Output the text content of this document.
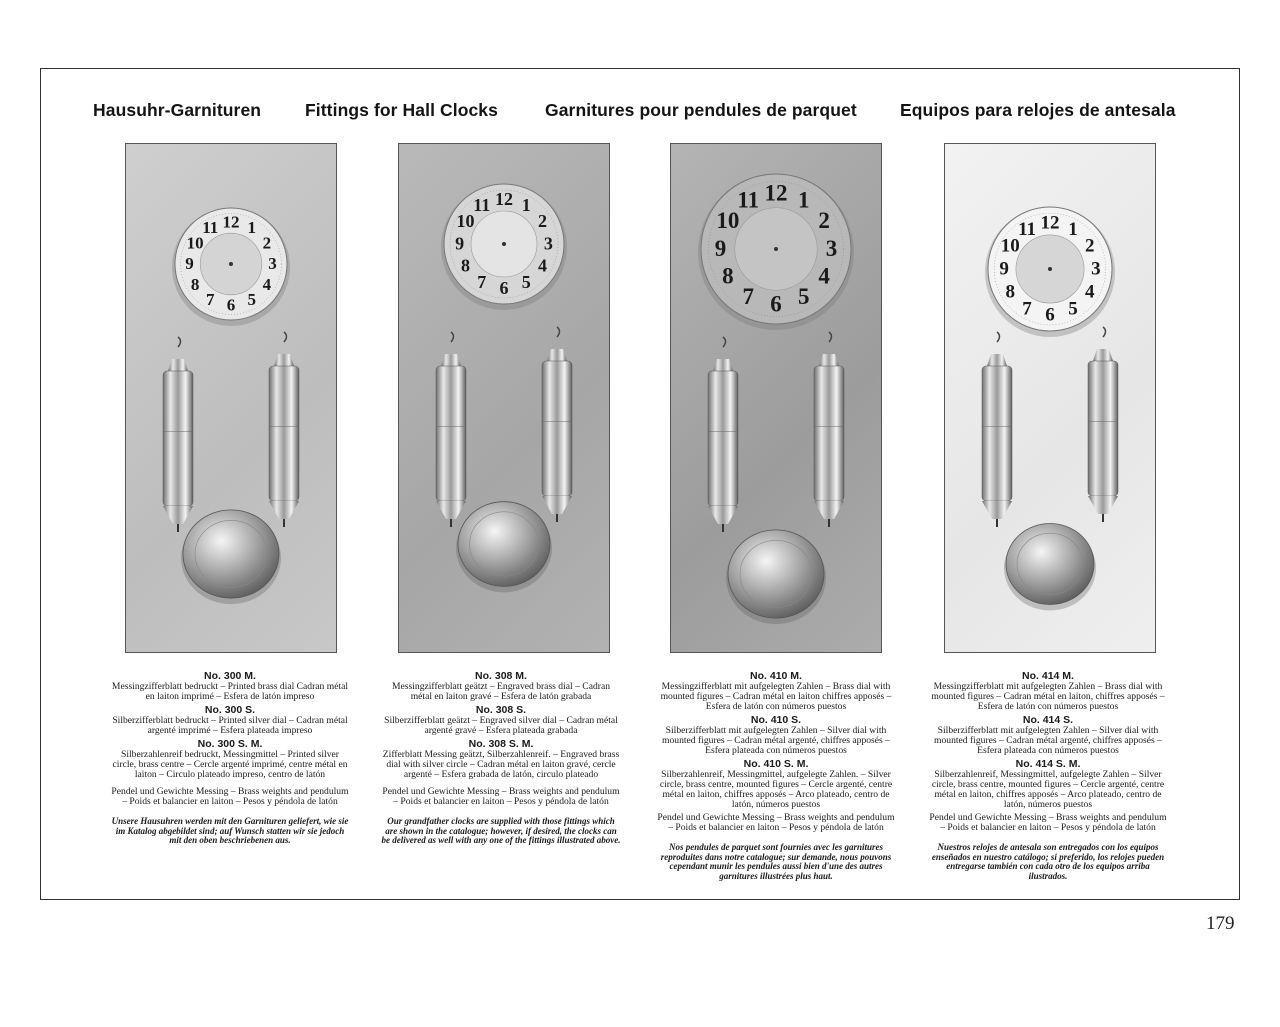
Hausuhr-Garnituren	Fittings for Hall Clocks	Garnitures pour pendules de parquet Equipos para relojes de antesala
12 1
2
3
4
5
6
7
8
9
10
11
12 1
2
3
4
5
6
7
8
9
10
11	12 1
2
3
4
5
6
7
8
9
10
11
12 1
2
3
4
5
6
7
8
9
10
11
No. 300 M.

Messingzifferblatt bedruckt – Printed brass dial Cadran métal en laiton imprimé – Esfera de latón impreso

No. 300 S.

Silberzifferblatt bedruckt – Printed silver dial – Cadran métal argenté imprimé – Esfera plateada impreso

No. 300 S. M.

Silberzahlenreif bedruckt, Messingmittel – Printed silver circle, brass centre – Cercle argenté imprimé, centre métal en laiton – Circulo plateado impreso, centro de latón

Pendel und Gewichte Messing – Brass weights and pendulum – Poids et balancier en laiton – Pesos y péndola de latón

Unsere Hausuhren werden mit den Garnituren geliefert, wie sie im Katalog abgebildet sind; auf Wunsch statten wir sie jedoch mit den oben beschriebenen aus.

No. 308 M.

Messingzifferblatt geätzt – Engraved brass dial – Cadran métal en laiton gravé – Esfera de latón grabada

No. 308 S.

Silberzifferblatt geätzt – Engraved silver dial – Cadran métal argenté gravé – Esfera plateada grabada

No. 308 S. M.

Zifferblatt Messing geätzt, Silberzahlenreif. – Engraved brass dial with silver circle – Cadran métal en laiton gravé, cercle argenté – Esfera grabada de latón, circulo plateado

Pendel und Gewichte Messing – Brass weights and pendulum – Poids et balancier en laiton – Pesos y péndola de latón

Our grandfather clocks are supplied with those fittings which are shown in the catalogue; however, if desired, the clocks can be delivered as well with any one of the fittings illustrated above.

No. 410 M.

Messingzifferblatt mit aufgelegten Zahlen – Brass dial with mounted figures – Cadran métal en laiton chiffres apposés – Esfera de latón con números puestos

No. 410 S.

Silberzifferblatt mit aufgelegten Zahlen – Silver dial with mounted figures – Cadran métal argenté, chiffres apposés – Esfera plateada con números puestos

No. 410 S. M.

Silberzahlenreif, Messingmittel, aufgelegte Zahlen. – Silver circle, brass centre, mounted figures – Cercle argenté, centre métal en laiton, chiffres apposés – Arco plateado, centro de latón, números puestos

Pendel und Gewichte Messing – Brass weights and pendulum – Poids et balancier en laiton – Pesos y péndola de latón

Nos pendules de parquet sont fournies avec les garnitures reproduites dans notre catalogue; sur demande, nous pouvons cependant munir les pendules aussi bien d'une des autres garnitures illustrées plus haut.

No. 414 M.

Messingzifferblatt mit aufgelegten Zahlen – Brass dial with mounted figures – Cadran métal en laiton, chiffres apposés – Esfera de latón con números puestos

No. 414 S.

Silberzifferblatt mit aufgelegten Zahlen – Silver dial with mounted figures – Cadran métal argenté, chiffres apposés – Esfera plateada con números puestos

No. 414 S. M.

Silberzahlenreif, Messingmittel, aufgelegte Zahlen – Silver circle, brass centre, mounted figures – Cercle argenté, centre métal en laiton, chiffres apposés – Arco plateado, centro de latón, números puestos

Pendel und Gewichte Messing – Brass weights and pendulum – Poids et balancier en laiton – Pesos y péndola de latón

Nuestros relojes de antesala son entregados con los equipos enseñados en nuestro catálogo; si preferido, los relojes pueden entregarse también con cada otro de los equipos arriba ilustrados.

179
